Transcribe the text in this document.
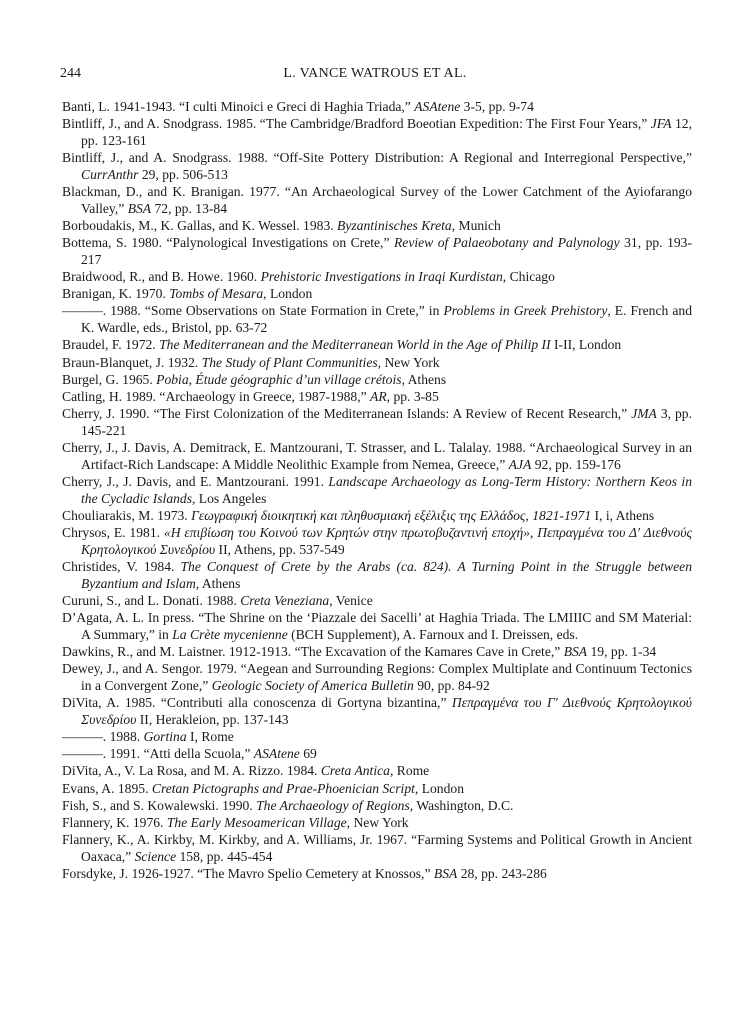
244	L. VANCE WATROUS ET AL.

Banti, L. 1941-1943. “I culti Minoici e Greci di Haghia Triada,” ASAtene 3-5, pp. 9-74

Bintliff, J., and A. Snodgrass. 1985. “The Cambridge/Bradford Boeotian Expedition: The First Four Years,” JFA 12, pp. 123-161

Bintliff, J., and A. Snodgrass. 1988. “Off-Site Pottery Distribution: A Regional and Interregional Perspective,” CurrAnthr 29, pp. 506-513

Blackman, D., and K. Branigan. 1977. “An Archaeological Survey of the Lower Catchment of the Ayiofarango Valley,” BSA 72, pp. 13-84

Borboudakis, M., K. Gallas, and K. Wessel. 1983. Byzantinisches Kreta, Munich

Bottema, S. 1980. “Palynological Investigations on Crete,” Review of Palaeobotany and Palynology 31, pp. 193-217

Braidwood, R., and B. Howe. 1960. Prehistoric Investigations in Iraqi Kurdistan, Chicago

Branigan, K. 1970. Tombs of Mesara, London

———. 1988. “Some Observations on State Formation in Crete,” in Problems in Greek Prehistory, E. French and K. Wardle, eds., Bristol, pp. 63-72

Braudel, F. 1972. The Mediterranean and the Mediterranean World in the Age of Philip II I-II, London

Braun-Blanquet, J. 1932. The Study of Plant Communities, New York

Burgel, G. 1965. Pobia, Étude géographic d’un village crétois, Athens

Catling, H. 1989. “Archaeology in Greece, 1987-1988,” AR, pp. 3-85

Cherry, J. 1990. “The First Colonization of the Mediterranean Islands: A Review of Recent Research,” JMA 3, pp. 145-221

Cherry, J., J. Davis, A. Demitrack, E. Mantzourani, T. Strasser, and L. Talalay. 1988. “Archaeological Survey in an Artifact-Rich Landscape: A Middle Neolithic Example from Nemea, Greece,” AJA 92, pp. 159-176

Cherry, J., J. Davis, and E. Mantzourani. 1991. Landscape Archaeology as Long-Term History: Northern Keos in the Cycladic Islands, Los Angeles

Chouliarakis, M. 1973. Γεωγραφική διοικητική και πληθυσμιακή εξέλιξις της Ελλάδος, 1821-1971 I, i, Athens

Chrysos, E. 1981. «Η επιβίωση του Κοινού των Κρητών στην πρωτοβυζαντινή εποχή», Πεπραγμένα του Δ′ Διεθνούς Κρητολογικού Συνεδρίου II, Athens, pp. 537-549

Christides, V. 1984. The Conquest of Crete by the Arabs (ca. 824). A Turning Point in the Struggle between Byzantium and Islam, Athens

Curuni, S., and L. Donati. 1988. Creta Veneziana, Venice

D’Agata, A. L. In press. “The Shrine on the ‘Piazzale dei Sacelli’ at Haghia Triada. The LMIIIC and SM Material: A Summary,” in La Crète mycenienne (BCH Supplement), A. Farnoux and I. Dreissen, eds.

Dawkins, R., and M. Laistner. 1912-1913. “The Excavation of the Kamares Cave in Crete,” BSA 19, pp. 1-34

Dewey, J., and A. Sengor. 1979. “Aegean and Surrounding Regions: Complex Multiplate and Continuum Tectonics in a Convergent Zone,” Geologic Society of America Bulletin 90, pp. 84-92

DiVita, A. 1985. “Contributi alla conoscenza di Gortyna bizantina,” Πεπραγμένα του Γ′ Διεθνούς Κρητολογικού Συνεδρίου II, Herakleion, pp. 137-143

———. 1988. Gortina I, Rome

———. 1991. “Atti della Scuola,” ASAtene 69

DiVita, A., V. La Rosa, and M. A. Rizzo. 1984. Creta Antica, Rome

Evans, A. 1895. Cretan Pictographs and Prae-Phoenician Script, London

Fish, S., and S. Kowalewski. 1990. The Archaeology of Regions, Washington, D.C.

Flannery, K. 1976. The Early Mesoamerican Village, New York

Flannery, K., A. Kirkby, M. Kirkby, and A. Williams, Jr. 1967. “Farming Systems and Political Growth in Ancient Oaxaca,” Science 158, pp. 445-454

Forsdyke, J. 1926-1927. “The Mavro Spelio Cemetery at Knossos,” BSA 28, pp. 243-286
